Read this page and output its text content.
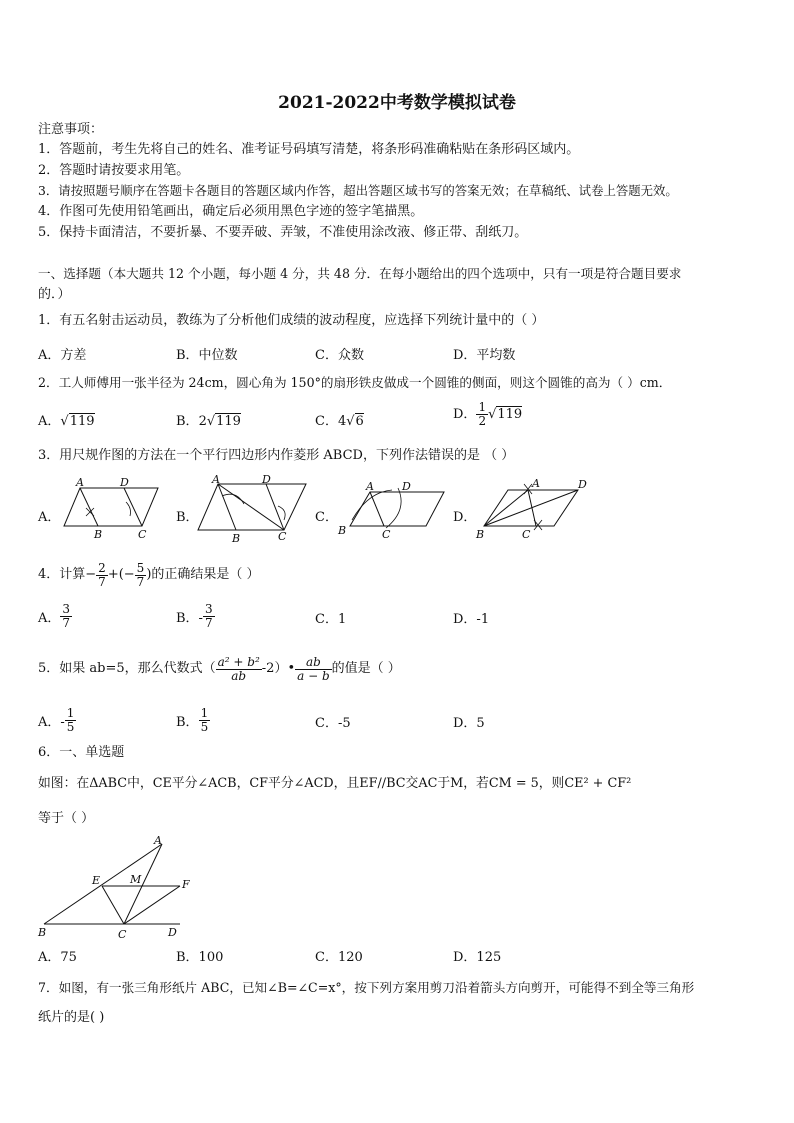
2021-2022中考数学模拟试卷
注意事项：
1．答题前，考生先将自己的姓名、准考证号码填写清楚，将条形码准确粘贴在条形码区域内。
2．答题时请按要求用笔。
3．请按照题号顺序在答题卡各题目的答题区域内作答，超出答题区域书写的答案无效；在草稿纸、试卷上答题无效。
4．作图可先使用铅笔画出，确定后必须用黑色字迹的签字笔描黑。
5．保持卡面清洁，不要折暴、不要弄破、弄皱，不准使用涂改液、修正带、刮纸刀。
一、选择题（本大题共 12 个小题，每小题 4 分，共 48 分．在每小题给出的四个选项中，只有一项是符合题目要求
的．）
1．有五名射击运动员，教练为了分析他们成绩的波动程度，应选择下列统计量中的（ ）
A．方差	B．中位数	C．众数	D．平均数
2．工人师傅用一张半径为 24cm，圆心角为 150°的扇形铁皮做成一个圆锥的侧面，则这个圆锥的高为（ ）cm．
A．√119	B．2√119	C．4√6	D． $\frac{1}{2} √119$
3．用尺规作图的方法在一个平行四边形内作菱形 ABCD，下列作法错误的是 （ ）
A．
A	D
B	C
B．
A	D
B	C
C．
A	D
B	C
D．
A	D
B	C
4．计算− $\frac{2}{7}$ +(− $\frac{5}{7}$ )的正确结果是（ ）
A． $\frac{3}{7}$	B．- $\frac{3}{7}$	C．1	D．-1
5．如果 ab=5，那么代数式（ $\frac{\text{a² + b²}}{ab}$ -2）• $\frac{ab}{a - b}$ 的值是（ ）
A．- $\frac{1}{5}$	B． $\frac{1}{5}$	C．-5	D．5
6．一、单选题
如图：在ΔABC中，CE平分∠ACB，CF平分∠ACD，且EF//BC交AC于M，若CM = 5，则CE² + CF²
等于（ ）
A
E	M	F
B	C	D
A．75	B．100	C．120	D．125
7．如图，有一张三角形纸片 ABC，已知∠B=∠C=x°，按下列方案用剪刀沿着箭头方向剪开，可能得不到全等三角形
纸片的是( )
